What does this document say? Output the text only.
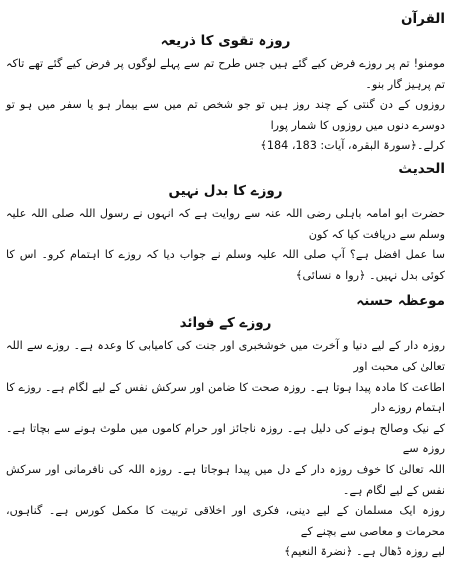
القرآن
روزہ تقوی کا ذریعہ

مومنو! تم پر روزے فرض کیے گئے ہیں جس طرح تم سے پہلے لوگوں پر فرض کیے گئے تھے تاکہ تم پرہیز گار بنو۔

روزوں کے دن گنتی کے چند روز ہیں تو جو شخص تم میں سے بیمار ہو یا سفر میں ہو تو دوسرے دنوں میں روزوں کا شمار پورا

کرلے۔﴿سورۃ البقرہ، آیات: 183، 184﴾

الحدیث
روزے کا بدل نہیں

حضرت ابو امامہ باہلی رضی اللہ عنہ سے روایت ہے کہ انہوں نے رسول اللہ صلی اللہ علیہ وسلم سے دریافت کیا کہ کون

سا عمل افضل ہے؟ آپ صلی اللہ علیہ وسلم نے جواب دیا کہ روزے کا اہتمام کرو۔ اس کا کوئی بدل نہیں۔ ﴿روا ہ نسائی﴾

موعظہ حسنہ
روزے کے فوائد

روزہ دار کے لیے دنیا و آخرت میں خوشخبری اور جنت کی کامیابی کا وعدہ ہے۔ روزے سے اللہ تعالیٰ کی محبت اور

اطاعت کا مادہ پیدا ہوتا ہے۔ روزہ صحت کا ضامن اور سرکش نفس کے لیے لگام ہے۔ روزے کا اہتمام روزے دار

کے نیک وصالح ہونے کی دلیل ہے۔ روزہ ناجائز اور حرام کاموں میں ملوث ہونے سے بچاتا ہے۔ روزہ سے

اللہ تعالیٰ کا خوف روزہ دار کے دل میں پیدا ہوجاتا ہے۔ روزہ اللہ کی نافرمانی اور سرکش نفس کے لیے لگام ہے۔

روزہ ایک مسلمان کے لیے دینی، فکری اور اخلاقی تربیت کا مکمل کورس ہے۔ گناہوں، محرمات و معاصی سے بچنے کے

لیے روزہ ڈھال ہے۔ ﴿نضرۃ النعیم﴾
